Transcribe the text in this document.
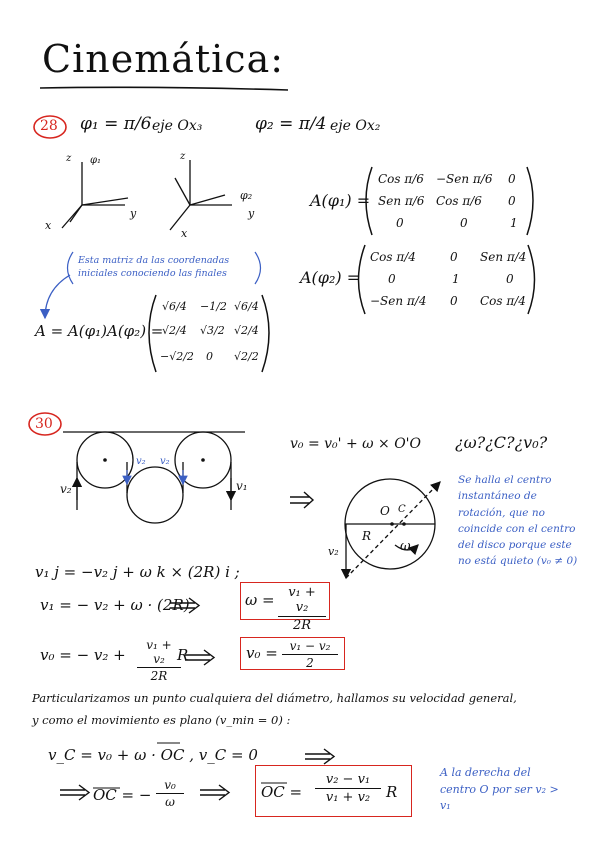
Cinemática:
28 φ₁ = π/6 eje Ox₃	φ₂ = π/4 eje Ox₂
z φ₁
x
y
z
φ₂
x
y
A(φ₁) =
Cos π/6 −Sen π/6 0
Sen π/6 Cos π/6 0
0	0	1
A(φ₂) =
Cos π/4	0 Sen π/4
0	1	0
−Sen π/4 0 Cos π/4
Esta matriz da las coordenadas iniciales conociendo las finales
A = A(φ₁)A(φ₂) =
√6/4 −1/2 √6/4
√2/4 √3/2 √2/4
−√2/2 0 √2/2
30
v₂	v₁
v₂ v₂
v₀ = v₀' + ω × O'O ¿ω?¿C?¿v₀?
O C
R
ω
v₂
Se halla el centro instantáneo de rotación, que no coincide con el centro del disco porque este no está quieto (v₀ ≠ 0)
v₁ j = −v₂ j + ω k × (2R) i ;
v₁ = − v₂ + ω · (2R)	$\omega = \frac{\text{v₁ + v₂}}{2R}$
v₀ = − $v_2 + \frac{\text{v₁ + v₂}}{2R}$
R	$v_0 = \frac{\text{v₁ − v₂}}{2}$
Particularizamos un punto cualquiera del diámetro, hallamos su velocidad general,
y como el movimiento es plano (v_min = 0) :
v_C = v₀ + ω · OC , v_C = 0
OC = − $\frac{\text{v₀}}{\omega}$	OC = $\frac{\text{v₂ − v₁}}{\text{v₁ + v₂}}$ R
A la derecha del centro O por ser v₂ > v₁
